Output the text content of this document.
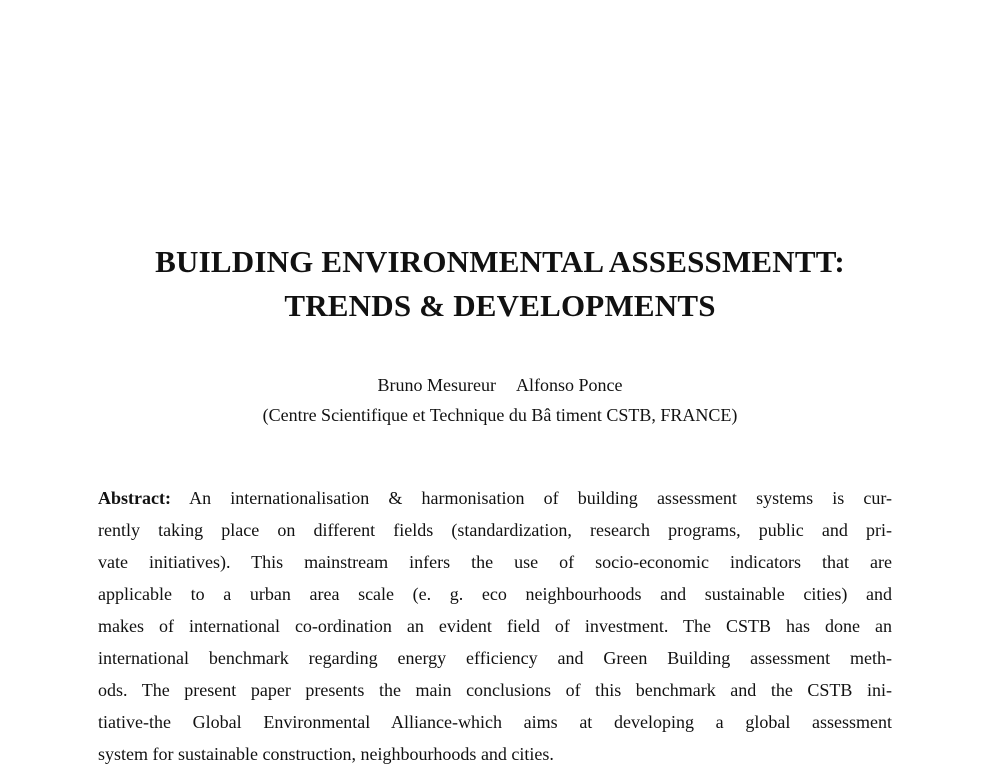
BUILDING ENVIRONMENTAL ASSESSMENTT:
TRENDS & DEVELOPMENTS
Bruno Mesureur Alfonso Ponce
(Centre Scientifique et Technique du Bâ timent CSTB, FRANCE)
Abstract: An internationalisation & harmonisation of building assessment systems is cur-
rently taking place on different fields (standardization, research programs, public and pri-
vate initiatives). This mainstream infers the use of socio-economic indicators that are
applicable to a urban area scale (e. g. eco neighbourhoods and sustainable cities) and
makes of international co-ordination an evident field of investment. The CSTB has done an
international benchmark regarding energy efficiency and Green Building assessment meth-
ods. The present paper presents the main conclusions of this benchmark and the CSTB ini-
tiative-the Global Environmental Alliance-which aims at developing a global assessment
system for sustainable construction, neighbourhoods and cities.
